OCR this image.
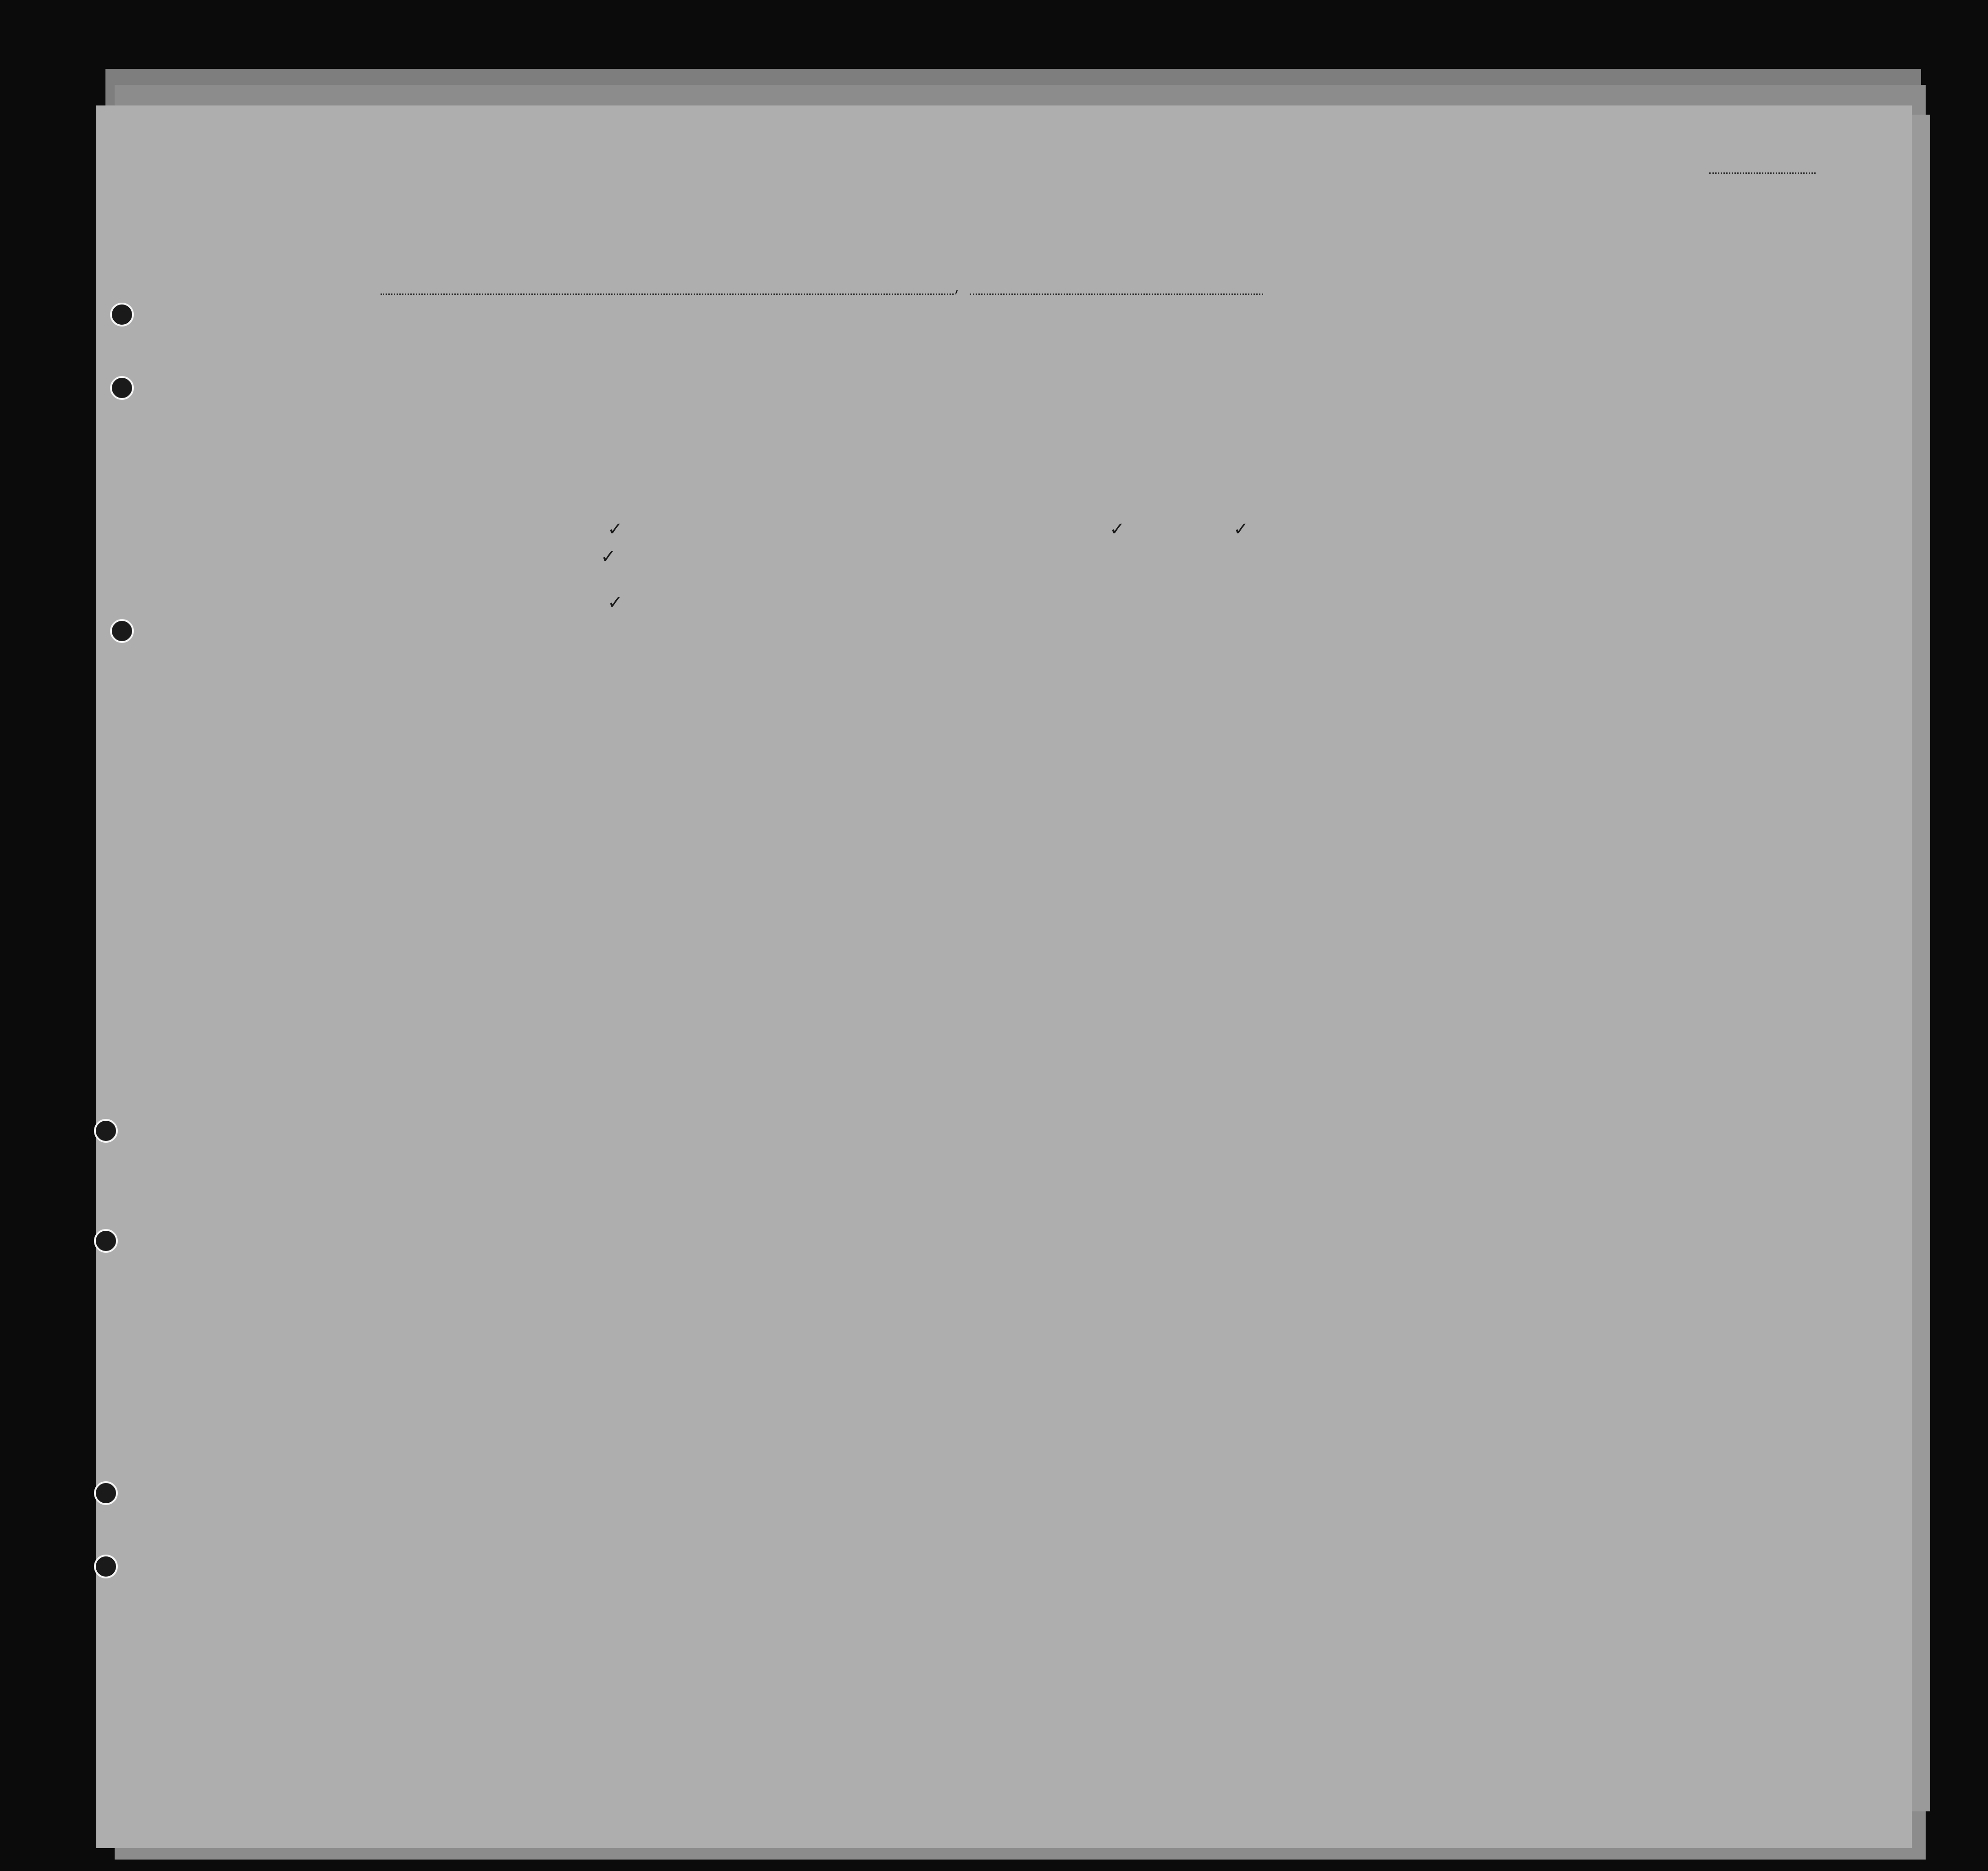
,
✓
✓
✓
✓	✓
